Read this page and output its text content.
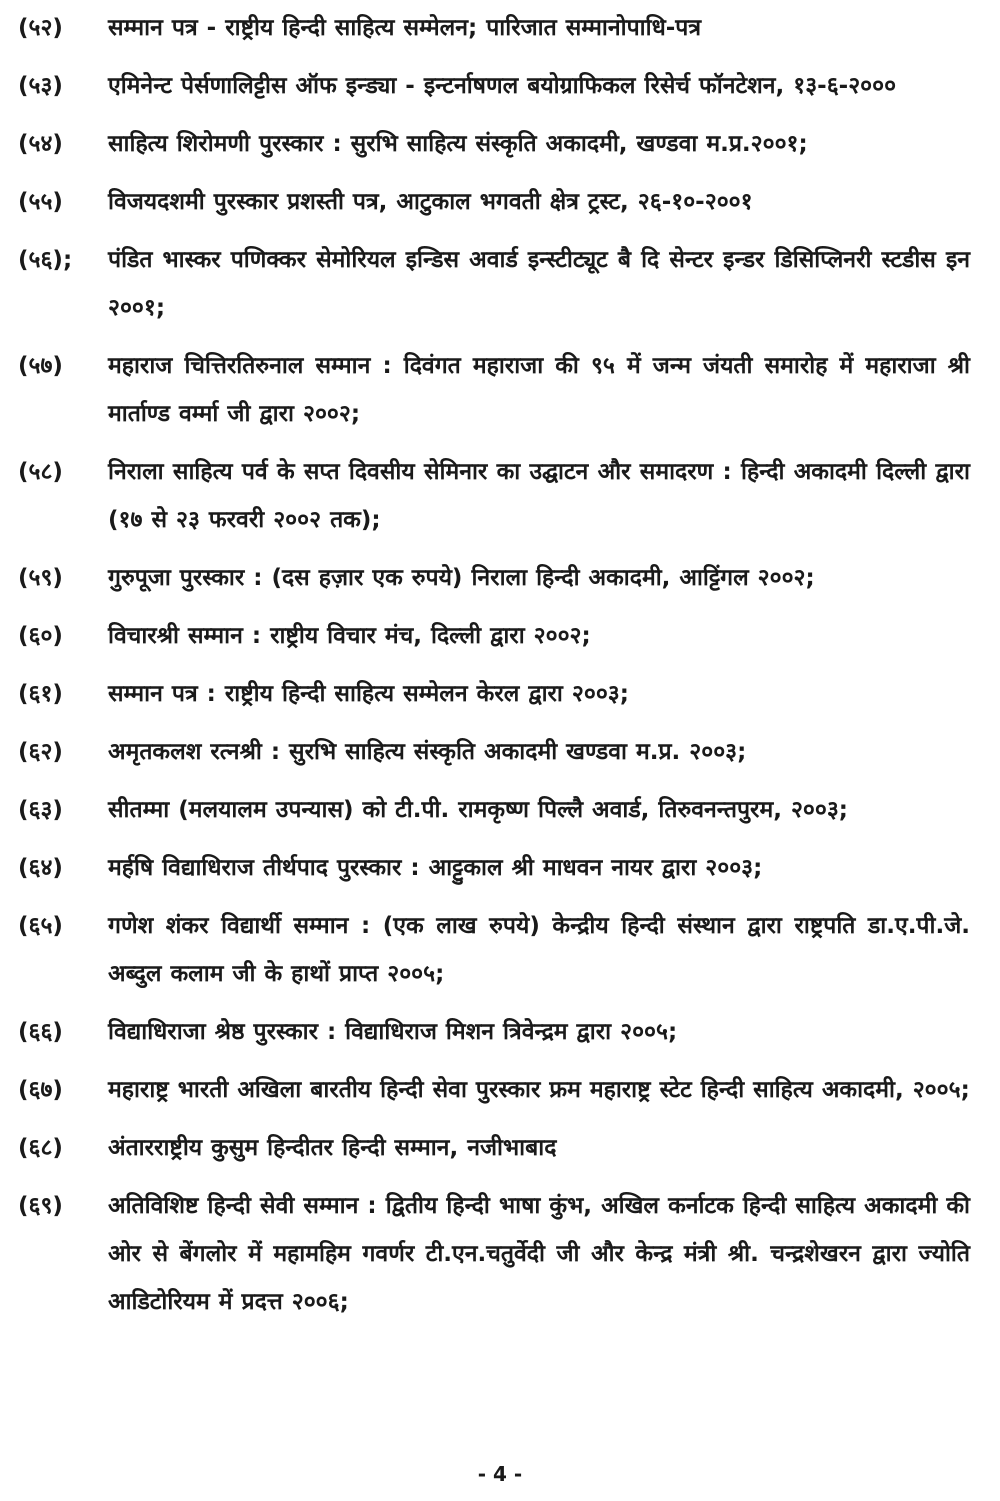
(५२)	सम्मान पत्र - राष्ट्रीय हिन्दी साहित्य सम्मेलन; पारिजात सम्मानोपाधि-पत्र
(५३)	एमिनेन्ट पेर्सणालिट्टीस ऑफ इन्ड्या - इन्टर्नाषणल बयोग्राफिकल रिसेर्च फॉनटेशन, १३-६-२०००
(५४)	साहित्य शिरोमणी पुरस्कार : सुरभि साहित्य संस्कृति अकादमी, खण्डवा म.प्र.२००१;
(५५)	विजयदशमी पुरस्कार प्रशस्ती पत्र, आटुकाल भगवती क्षेत्र ट्रस्ट, २६-१०-२००१
(५६);	पंडित भास्कर पणिक्कर सेमोरियल इन्डिस अवार्ड इन्स्टीट्यूट बै दि सेन्टर इन्डर डिसिप्लिनरी स्टडीस इन २००१;
(५७)	महाराज चित्तिरतिरुनाल सम्मान : दिवंगत महाराजा की ९५ में जन्म जंयती समारोह में महाराजा श्री मार्ताण्ड वर्म्मा जी द्वारा २००२;
(५८)	निराला साहित्य पर्व के सप्त दिवसीय सेमिनार का उद्घाटन और समादरण : हिन्दी अकादमी दिल्ली द्वारा (१७ से २३ फरवरी २००२ तक);
(५९)	गुरुपूजा पुरस्कार : (दस हज़ार एक रुपये) निराला हिन्दी अकादमी, आट्टिंगल २००२;
(६०)	विचारश्री सम्मान : राष्ट्रीय विचार मंच, दिल्ली द्वारा २००२;
(६१)	सम्मान पत्र : राष्ट्रीय हिन्दी साहित्य सम्मेलन केरल द्वारा २००३;
(६२)	अमृतकलश रत्नश्री : सुरभि साहित्य संस्कृति अकादमी खण्डवा म.प्र. २००३;
(६३)	सीतम्मा (मलयालम उपन्यास) को टी.पी. रामकृष्ण पिल्लै अवार्ड, तिरुवनन्तपुरम, २००३;
(६४)	मर्हषि विद्याधिराज तीर्थपाद पुरस्कार : आट्टुकाल श्री माधवन नायर द्वारा २००३;
(६५)	गणेश शंकर विद्यार्थी सम्मान : (एक लाख रुपये) केन्द्रीय हिन्दी संस्थान द्वारा राष्ट्रपति डा.ए.पी.जे. अब्दुल कलाम जी के हाथों प्राप्त २००५;
(६६)	विद्याधिराजा श्रेष्ठ पुरस्कार : विद्याधिराज मिशन त्रिवेन्द्रम द्वारा २००५;
(६७)	महाराष्ट्र भारती अखिला बारतीय हिन्दी सेवा पुरस्कार फ्रम महाराष्ट्र स्टेट हिन्दी साहित्य अकादमी, २००५;
(६८)	अंतारराष्ट्रीय कुसुम हिन्दीतर हिन्दी सम्मान, नजीभाबाद
(६९)	अतिविशिष्ट हिन्दी सेवी सम्मान : द्वितीय हिन्दी भाषा कुंभ, अखिल कर्नाटक हिन्दी साहित्य अकादमी की ओर से बेंगलोर में महामहिम गवर्णर टी.एन.चतुर्वेदी जी और केन्द्र मंत्री श्री. चन्द्रशेखरन द्वारा ज्योति आडिटोरियम में प्रदत्त २००६;
- 4 -
